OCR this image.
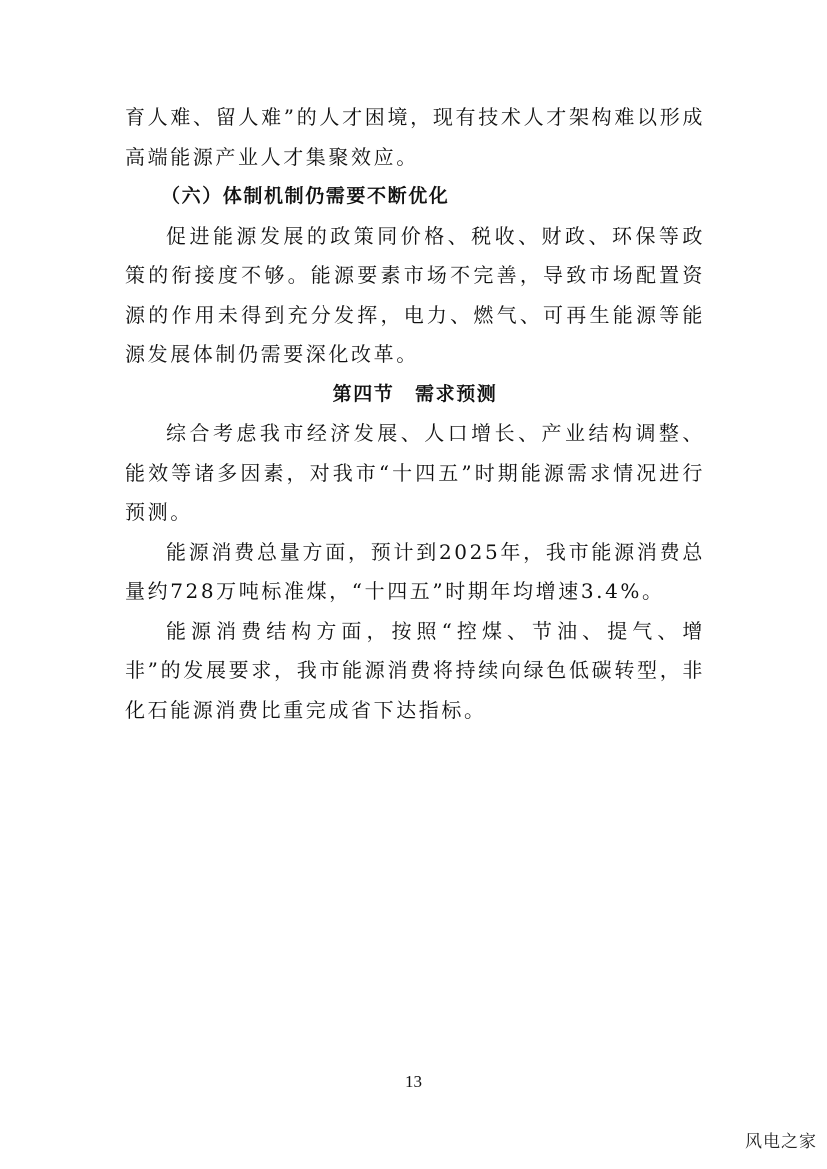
育人难、留人难”的人才困境，现有技术人才架构难以形成高端能源产业人才集聚效应。

（六）体制机制仍需要不断优化

促进能源发展的政策同价格、税收、财政、环保等政策的衔接度不够。能源要素市场不完善，导致市场配置资源的作用未得到充分发挥，电力、燃气、可再生能源等能源发展体制仍需要深化改革。

第四节　需求预测

综合考虑我市经济发展、人口增长、产业结构调整、能效等诸多因素，对我市“十四五”时期能源需求情况进行预测。

能源消费总量方面，预计到2025年，我市能源消费总量约728万吨标准煤，“十四五”时期年均增速3.4%。

能源消费结构方面，按照“控煤、节油、提气、增非”的发展要求，我市能源消费将持续向绿色低碳转型，非化石能源消费比重完成省下达指标。

13
风电之家
